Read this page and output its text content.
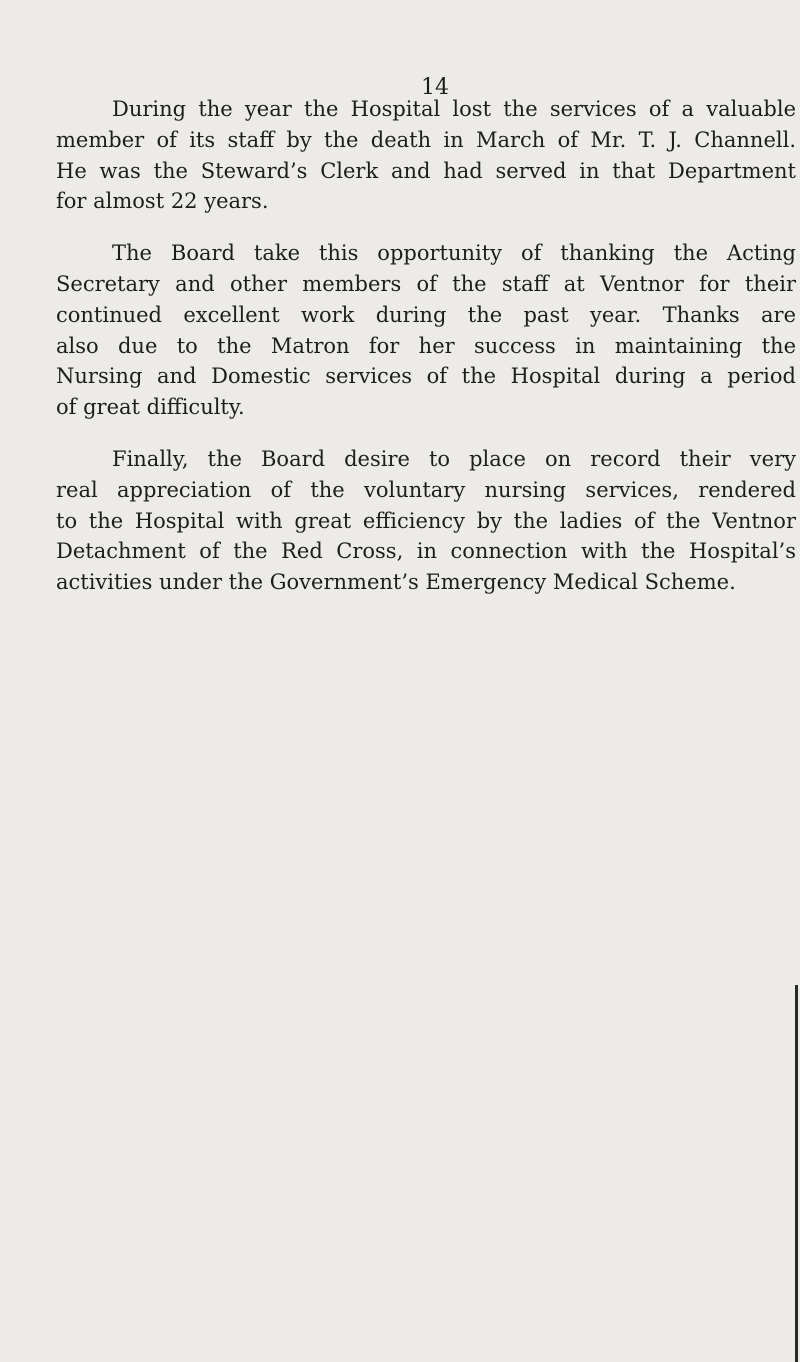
14

During the year the Hospital lost the services of a valuable
member of its staff by the death in March of Mr. T. J. Channell.
He was the Steward’s Clerk and had served in that Department
for almost 22 years.

The Board take this opportunity of thanking the Acting
Secretary and other members of the staff at Ventnor for their
continued excellent work during the past year. Thanks are
also due to the Matron for her success in maintaining the
Nursing and Domestic services of the Hospital during a period
of great difficulty.

Finally, the Board desire to place on record their very
real appreciation of the voluntary nursing services, rendered
to the Hospital with great efficiency by the ladies of the Ventnor
Detachment of the Red Cross, in connection with the Hospital’s
activities under the Government’s Emergency Medical Scheme.
